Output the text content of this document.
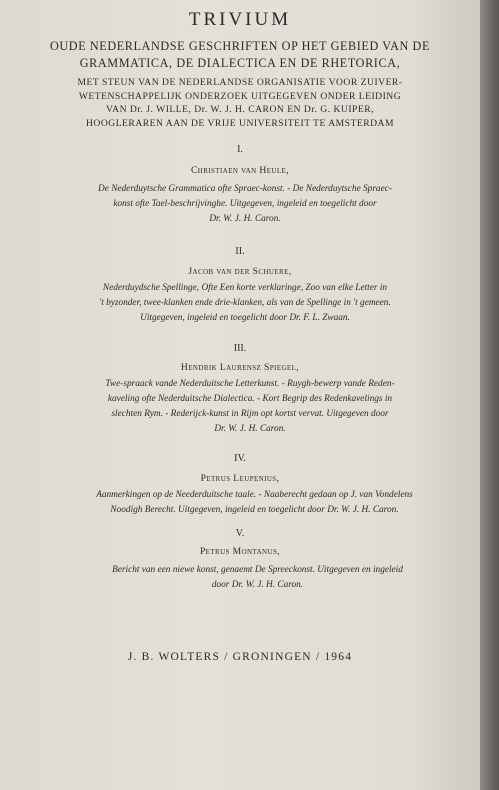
TRIVIUM
OUDE NEDERLANDSE GESCHRIFTEN OP HET GEBIED VAN DE
GRAMMATICA, DE DIALECTICA EN DE RHETORICA,
MET STEUN VAN DE NEDERLANDSE ORGANISATIE VOOR ZUIVER-
WETENSCHAPPELIJK ONDERZOEK UITGEGEVEN ONDER LEIDING
VAN Dr. J. WILLE, Dr. W. J. H. CARON EN Dr. G. KUIPER,
HOOGLERAREN AAN DE VRIJE UNIVERSITEIT TE AMSTERDAM
I.
Christiaen van Heule,
De Nederduytsche Grammatica ofte Spraec-konst. - De Nederduytsche Spraec-
konst ofte Tael-beschrijvinghe. Uitgegeven, ingeleid en toegelicht door
Dr. W. J. H. Caron.
II.
Jacob van der Schuere,
Nederduydsche Spellinge, Ofte Een korte verklaringe, Zoo van elke Letter in
't byzonder, twee-klanken ende drie-klanken, als van de Spellinge in 't gemeen.
Uitgegeven, ingeleid en toegelicht door Dr. F. L. Zwaan.
III.
Hendrik Laurensz Spiegel,
Twe-spraack vande Nederduitsche Letterkunst. - Ruygh-bewerp vande Reden-
kaveling ofte Nederduitsche Dialectica. - Kort Begrip des Redenkavelings in
slechten Rym. - Rederijck-kunst in Rijm opt kortst vervat. Uitgegeven door
Dr. W. J. H. Caron.
IV.
Petrus Leupenius,
Aanmerkingen op de Neederduitsche taale. - Naaberecht gedaan op J. van Vondelens
Noodigh Berecht. Uitgegeven, ingeleid en toegelicht door Dr. W. J. H. Caron.
V.
Petrus Montanus,
Bericht van een niewe konst, genaemt De Spreeckonst. Uitgegeven en ingeleid
door Dr. W. J. H. Caron.
J. B. WOLTERS / GRONINGEN / 1964
